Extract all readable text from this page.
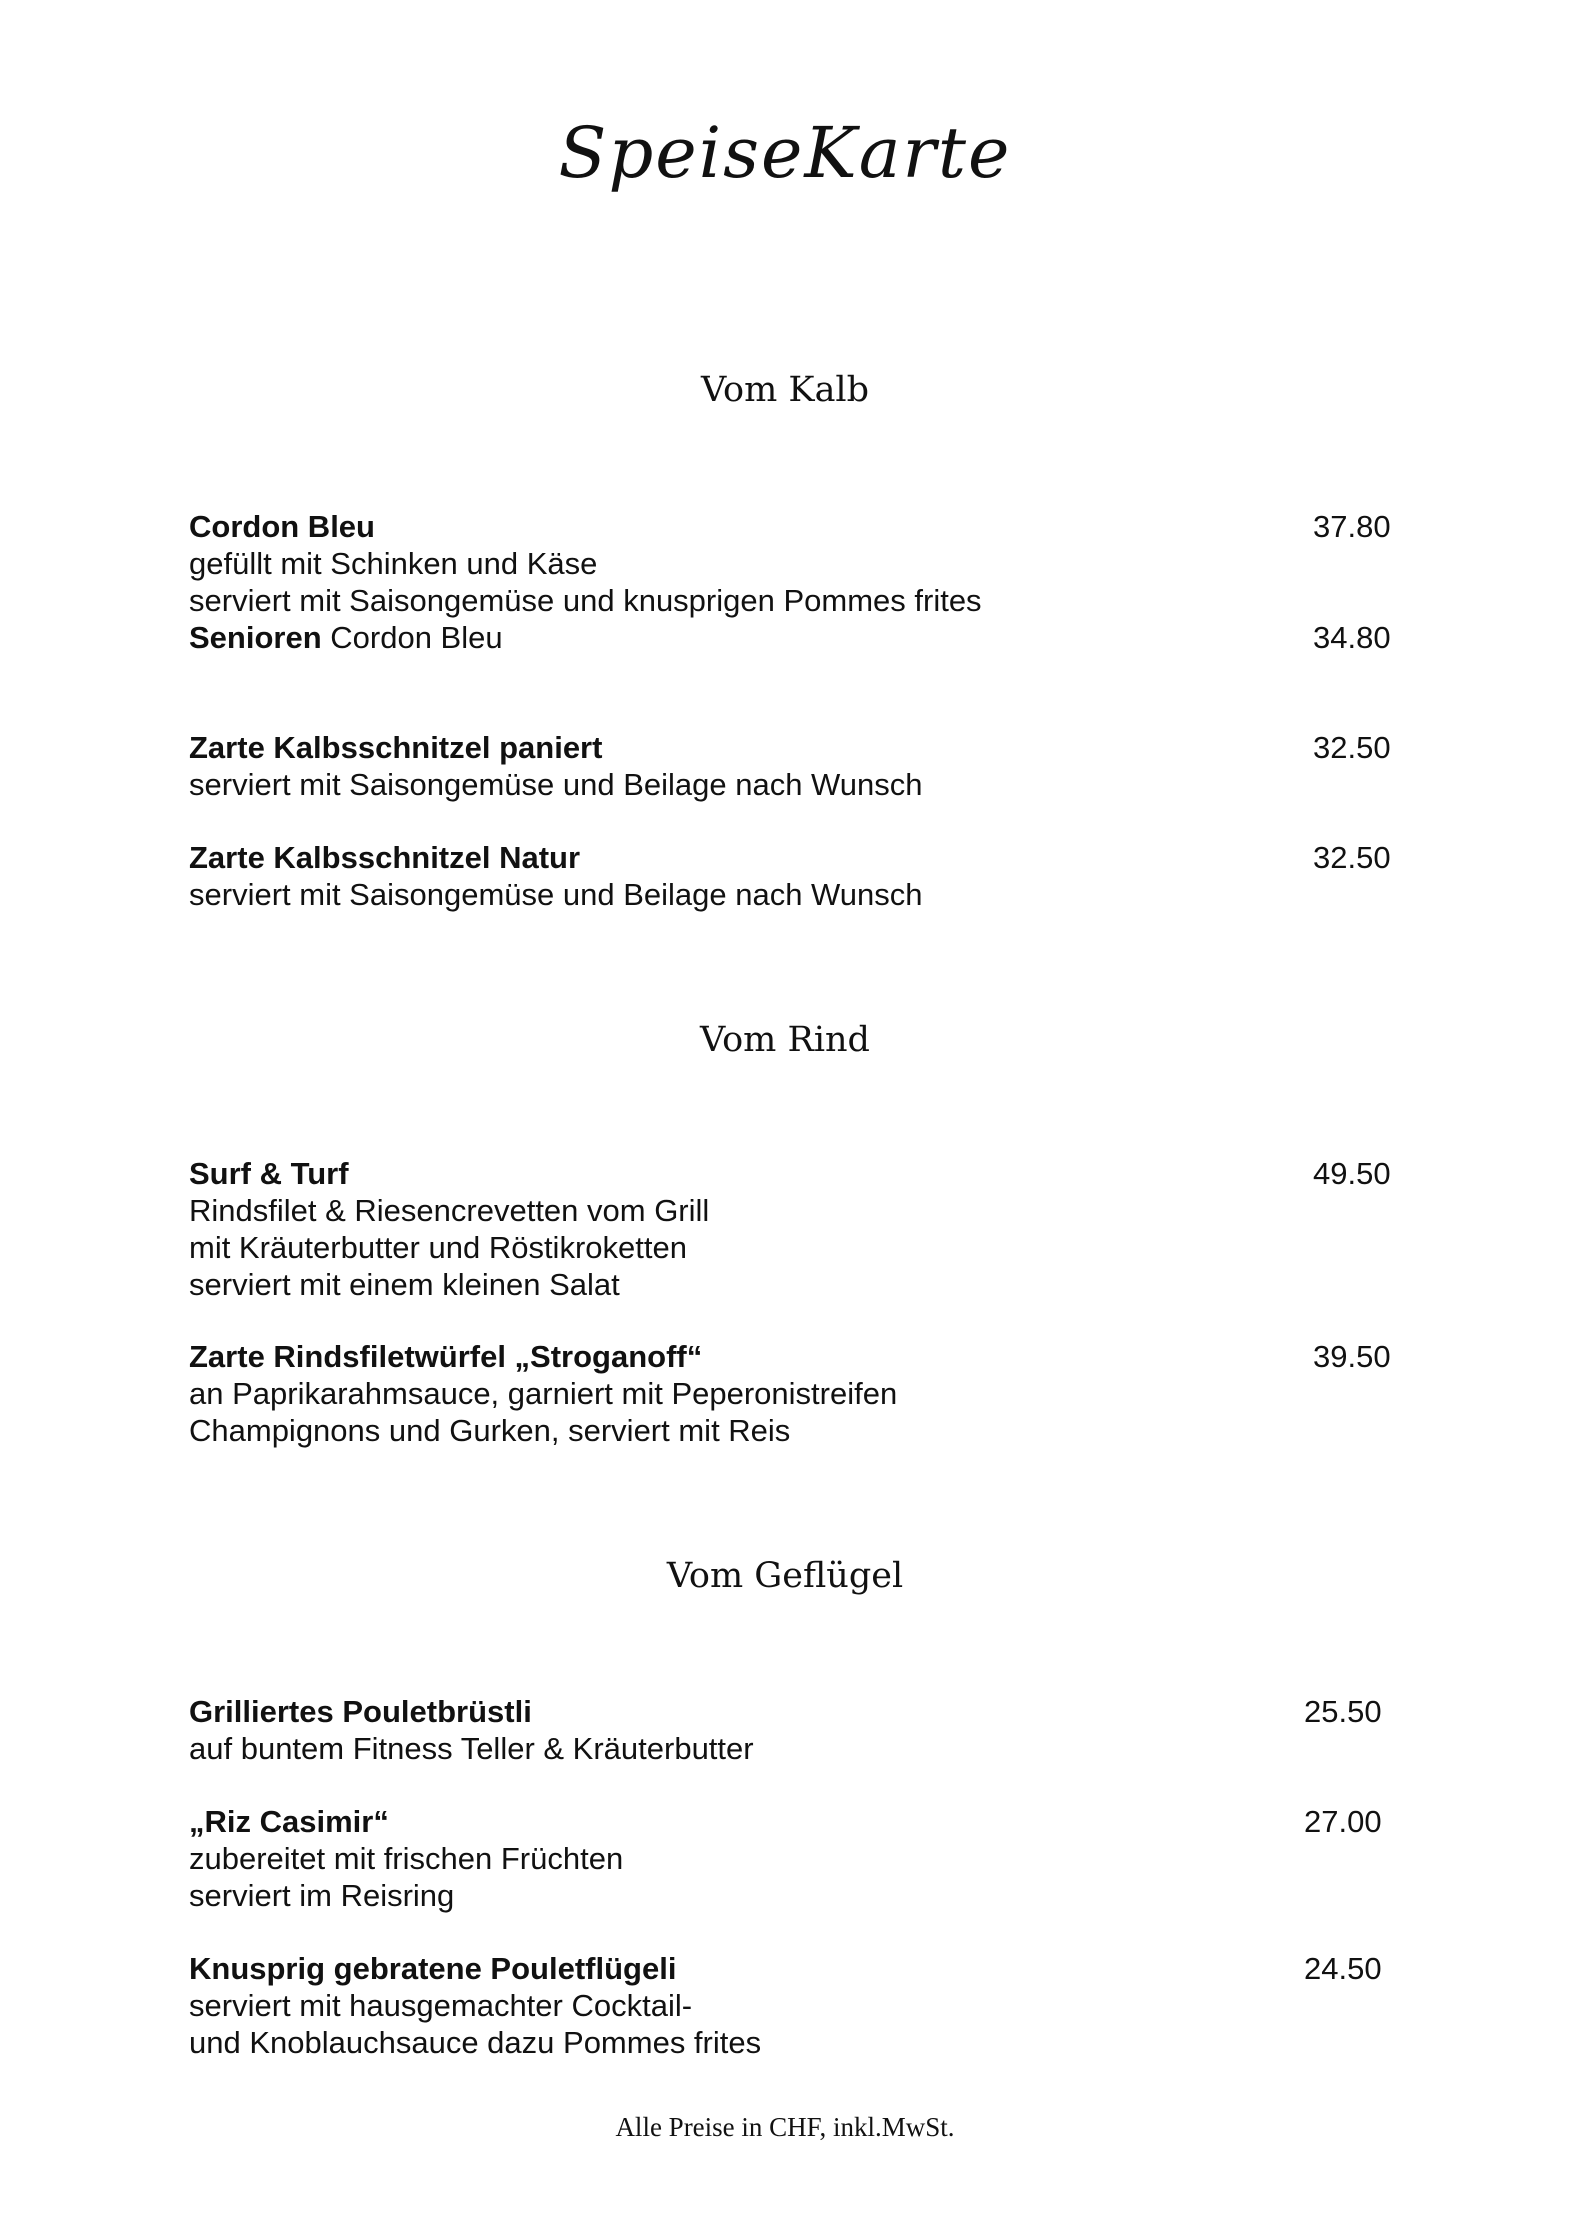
SpeiseKarte
Vom Kalb
Cordon Bleu
gefüllt mit Schinken und Käse
serviert mit Saisongemüse und knusprigen Pommes frites
37.80
Senioren Cordon Bleu	34.80
Zarte Kalbsschnitzel paniert
serviert mit Saisongemüse und Beilage nach Wunsch
32.50
Zarte Kalbsschnitzel Natur
serviert mit Saisongemüse und Beilage nach Wunsch
32.50
Vom Rind
Surf & Turf
Rindsfilet & Riesencrevetten vom Grill
mit Kräuterbutter und Röstikroketten
serviert mit einem kleinen Salat
49.50
Zarte Rindsfiletwürfel „Stroganoff“
an Paprikarahmsauce, garniert mit Peperonistreifen
Champignons und Gurken, serviert mit Reis
39.50
Vom Geflügel
Grilliertes Pouletbrüstli
auf buntem Fitness Teller & Kräuterbutter
25.50
„Riz Casimir“
zubereitet mit frischen Früchten
serviert im Reisring
27.00
Knusprig gebratene Pouletflügeli
serviert mit hausgemachter Cocktail-
und Knoblauchsauce dazu Pommes frites
24.50
Alle Preise in CHF, inkl.MwSt.
